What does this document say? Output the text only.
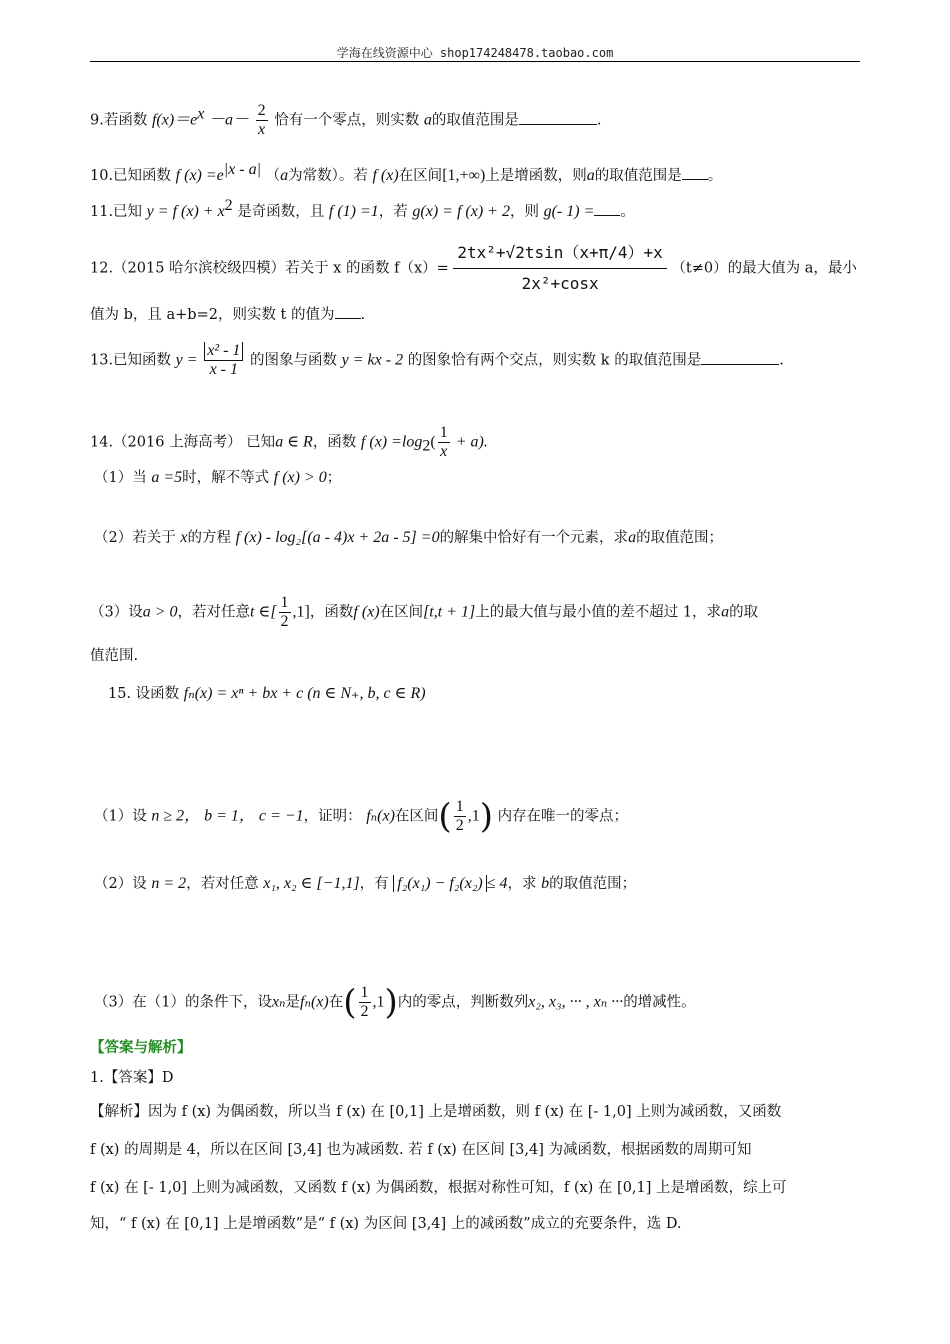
学海在线资源中心 shop174248478.taobao.com
9.若函数 $f(x)=e^x -a- \frac{2}{x}$ 恰有一个零点，则实数 a的取值范围是	.
10.已知函数 f $(x) =e^{|x - a|}$ （a为常数）。若 f (x)在区间[1,+∞)上是增函数，则a的取值范围是 。
11.已知 y = f $(x) + x^2$ 是奇函数，且 f (1) =1，若 g(x) = f (x) + 2，则 g(- 1) = 。
12.（2015 哈尔滨校级四模）若关于 x 的函数 $f(x)= \frac{\text{2tx²+√2tsin（x+π/4）+x}}{\text{2x²+cosx}} (t\ne 0)$的最大值为 a，最小
值为 b，且 a+b=2，则实数 t 的值为 .
13.已知函数 $y = \frac{\text{x² - 1}}{x - 1}$ 的图象与函数 y = kx - 2 的图象恰有两个交点，则实数 k 的取值范围是	.
14.（2016 上海高考） 已知a ∈ R，函数 f $(x) =\log_2( \frac{1}{x} + a)$.
（1）当 a =5时，解不等式 f (x) > 0；
（2）若关于 x的方程 f (x) - log₂[(a - 4)x + 2a - 5] =0的解集中恰好有一个元素，求a的取值范围；
（3）设a > 0，若对任意t ∈[ $\frac{1}{2} ,1$]，函数f (x)在区间[t,t + 1]上的最大值与最小值的差不超过 1，求a的取
值范围.
15. 设函数 fₙ(x) = xⁿ + bx + c (n ∈ N₊, b, c ∈ R)
（1）设 n ≥ 2， b = 1， c = −1，证明： fₙ(x)在区间( $\frac{1}{2} ,1$) 内存在唯一的零点；
（2）设 n = 2，若对任意 x₁, x₂ ∈ [−1,1]，有 f₂(x₁) − f₂(x₂) ≤ 4，求 b的取值范围；
（3）在（1）的条件下，设xₙ是fₙ(x)在( $\frac{1}{2} ,1$)内的零点，判断数列x₂, x₃, ··· , xₙ ···的增减性。
【答案与解析】
1.【答案】D
【解析】因为 f (x) 为偶函数，所以当 f (x) 在 [0,1] 上是增函数，则 f (x) 在 [- 1,0] 上则为减函数，又函数
f (x) 的周期是 4，所以在区间 [3,4] 也为减函数. 若 f (x) 在区间 [3,4] 为减函数，根据函数的周期可知
f (x) 在 [- 1,0] 上则为减函数，又函数 f (x) 为偶函数，根据对称性可知，f (x) 在 [0,1] 上是增函数，综上可
知，“ f (x) 在 [0,1] 上是增函数”是“ f (x) 为区间 [3,4] 上的减函数”成立的充要条件，选 D.
